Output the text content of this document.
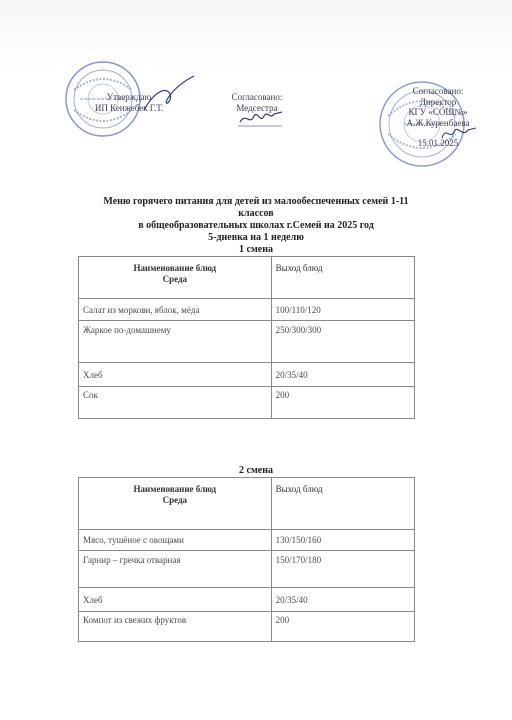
Утверждаю
ИП Кенжебек Г.Т.
Согласовано:
Медсестра
Согласовано:
Директор
КГУ «СОШ№»
А.Ж.Куренбаева
15.01.2025
Меню горячего питания для детей из малообеспеченных семей 1-11
классов
в общеобразовательных школах г.Семей на 2025 год
5-дневка на 1 неделю
1 смена
Наименование блюд
Среда	Выход блюд
Салат из моркови, яблок, мёда	100/110/120
Жаркое по-домашнему	250/300/300
Хлеб	20/35/40
Сок	200
2 смена
Наименование блюд
Среда	Выход блюд
Мясо, тушёное с овощами	130/150/160
Гарнир – гречка отварная	150/170/180
Хлеб	20/35/40
Компот из свежих фруктов	200
